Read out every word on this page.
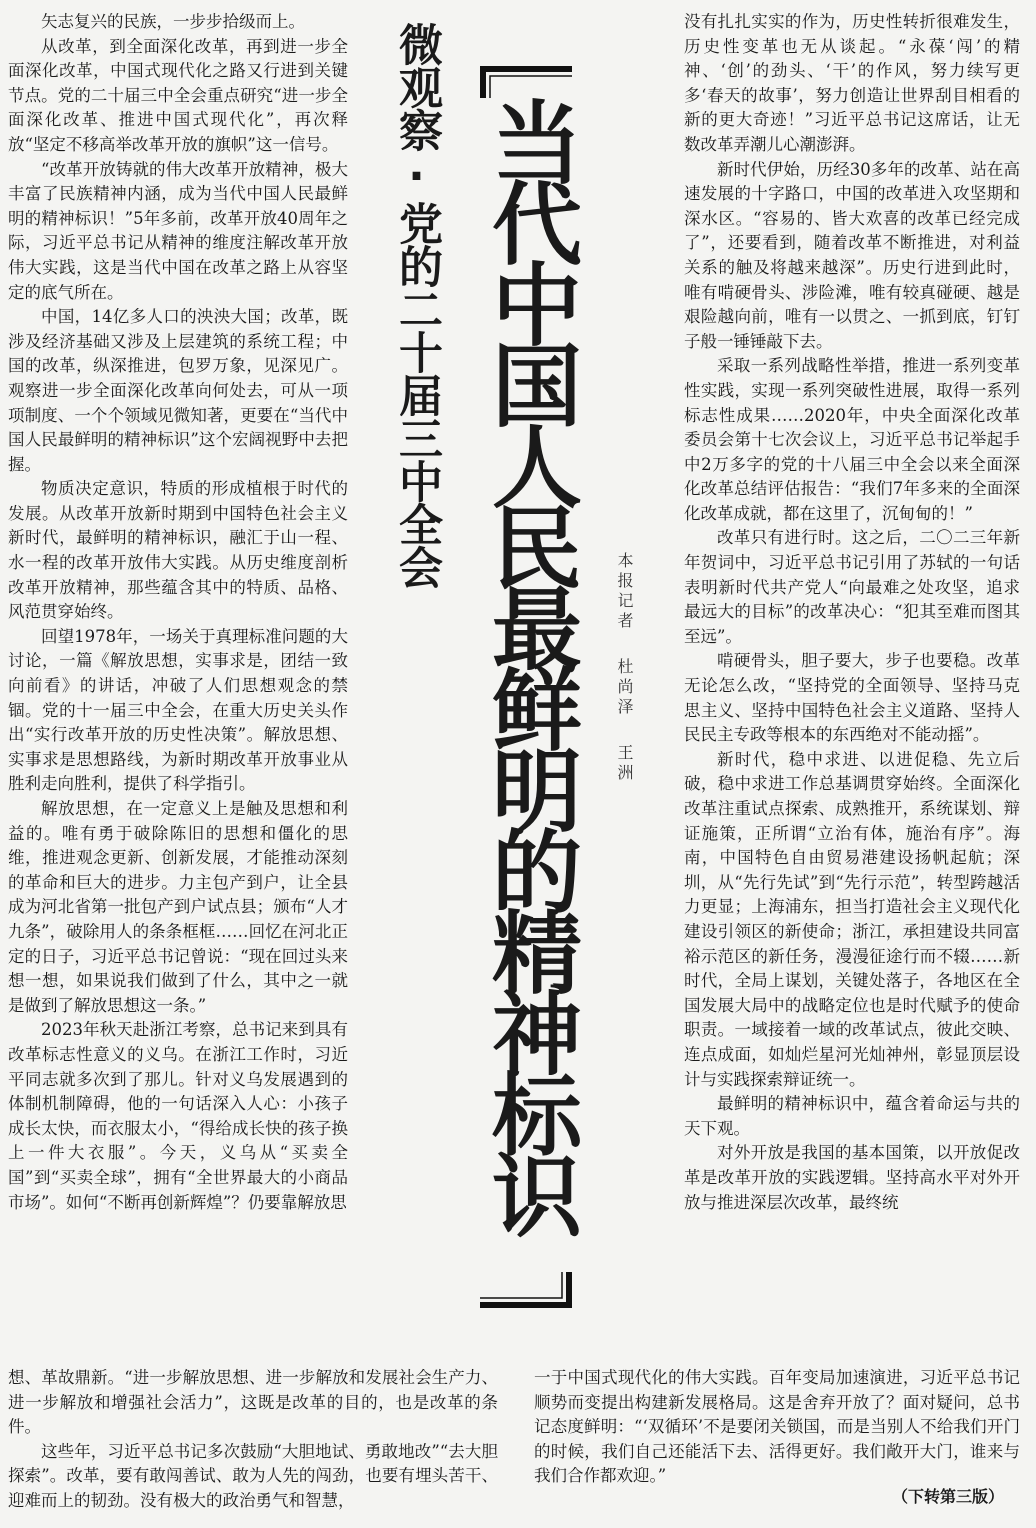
矢志复兴的民族，一步步拾级而上。

从改革，到全面深化改革，再到进一步全面深化改革，中国式现代化之路又行进到关键节点。党的二十届三中全会重点研究“进一步全面深化改革、推进中国式现代化”，再次释放“坚定不移高举改革开放的旗帜”这一信号。

“改革开放铸就的伟大改革开放精神，极大丰富了民族精神内涵，成为当代中国人民最鲜明的精神标识！”5年多前，改革开放40周年之际，习近平总书记从精神的维度注解改革开放伟大实践，这是当代中国在改革之路上从容坚定的底气所在。

中国，14亿多人口的泱泱大国；改革，既涉及经济基础又涉及上层建筑的系统工程；中国的改革，纵深推进，包罗万象，见深见广。观察进一步全面深化改革向何处去，可从一项项制度、一个个领域见微知著，更要在“当代中国人民最鲜明的精神标识”这个宏阔视野中去把握。

物质决定意识，特质的形成植根于时代的发展。从改革开放新时期到中国特色社会主义新时代，最鲜明的精神标识，融汇于山一程、水一程的改革开放伟大实践。从历史维度剖析改革开放精神，那些蕴含其中的特质、品格、风范贯穿始终。

回望1978年，一场关于真理标准问题的大讨论，一篇《解放思想，实事求是，团结一致向前看》的讲话，冲破了人们思想观念的禁锢。党的十一届三中全会，在重大历史关头作出“实行改革开放的历史性决策”。解放思想、实事求是思想路线，为新时期改革开放事业从胜利走向胜利，提供了科学指引。

解放思想，在一定意义上是触及思想和利益的。唯有勇于破除陈旧的思想和僵化的思维，推进观念更新、创新发展，才能推动深刻的革命和巨大的进步。力主包产到户，让全县成为河北省第一批包产到户试点县；颁布“人才九条”，破除用人的条条框框……回忆在河北正定的日子，习近平总书记曾说：“现在回过头来想一想，如果说我们做到了什么，其中之一就是做到了解放思想这一条。”

2023年秋天赴浙江考察，总书记来到具有改革标志性意义的义乌。在浙江工作时，习近平同志就多次到了那儿。针对义乌发展遇到的体制机制障碍，他的一句话深入人心：小孩子成长太快，而衣服太小，“得给成长快的孩子换上一件大衣服”。今天，义乌从“买卖全国”到“买卖全球”，拥有“全世界最大的小商品市场”。如何“不断再创新辉煌”？仍要靠解放思

想、革故鼎新。“进一步解放思想、进一步解放和发展社会生产力、进一步解放和增强社会活力”，这既是改革的目的，也是改革的条件。

这些年，习近平总书记多次鼓励“大胆地试、勇敢地改”“去大胆探索”。改革，要有敢闯善试、敢为人先的闯劲，也要有埋头苦干、迎难而上的韧劲。没有极大的政治勇气和智慧，

微观察·党的二十届三中全会 当代中国人民最鲜明的精神标识 本报记者杜尚泽王洲

没有扎扎实实的作为，历史性转折很难发生，历史性变革也无从谈起。“永葆‘闯’的精神、‘创’的劲头、‘干’的作风，努力续写更多‘春天的故事’，努力创造让世界刮目相看的新的更大奇迹！”习近平总书记这席话，让无数改革弄潮儿心潮澎湃。

新时代伊始，历经30多年的改革、站在高速发展的十字路口，中国的改革进入攻坚期和深水区。“容易的、皆大欢喜的改革已经完成了”，还要看到，随着改革不断推进，对利益关系的触及将越来越深”。历史行进到此时，唯有啃硬骨头、涉险滩，唯有较真碰硬、越是艰险越向前，唯有一以贯之、一抓到底，钉钉子般一锤锤敲下去。

采取一系列战略性举措，推进一系列变革性实践，实现一系列突破性进展，取得一系列标志性成果……2020年，中央全面深化改革委员会第十七次会议上，习近平总书记举起手中2万多字的党的十八届三中全会以来全面深化改革总结评估报告：“我们7年多来的全面深化改革成就，都在这里了，沉甸甸的！”

改革只有进行时。这之后，二〇二三年新年贺词中，习近平总书记引用了苏轼的一句话表明新时代共产党人“向最难之处攻坚，追求最远大的目标”的改革决心：“犯其至难而图其至远”。

啃硬骨头，胆子要大，步子也要稳。改革无论怎么改，“坚持党的全面领导、坚持马克思主义、坚持中国特色社会主义道路、坚持人民民主专政等根本的东西绝对不能动摇”。

新时代，稳中求进、以进促稳、先立后破，稳中求进工作总基调贯穿始终。全面深化改革注重试点探索、成熟推开，系统谋划、辩证施策，正所谓“立治有体，施治有序”。海南，中国特色自由贸易港建设扬帆起航；深圳，从“先行先试”到“先行示范”，转型跨越活力更显；上海浦东，担当打造社会主义现代化建设引领区的新使命；浙江，承担建设共同富裕示范区的新任务，漫漫征途行而不辍……新时代，全局上谋划，关键处落子，各地区在全国发展大局中的战略定位也是时代赋予的使命职责。一域接着一域的改革试点，彼此交映、连点成面，如灿烂星河光灿神州，彰显顶层设计与实践探索辩证统一。

最鲜明的精神标识中，蕴含着命运与共的天下观。

对外开放是我国的基本国策，以开放促改革是改革开放的实践逻辑。坚持高水平对外开放与推进深层次改革，最终统

一于中国式现代化的伟大实践。百年变局加速演进，习近平总书记顺势而变提出构建新发展格局。这是舍弃开放了？面对疑问，总书记态度鲜明：“‘双循环’不是要闭关锁国，而是当别人不给我们开门的时候，我们自己还能活下去、活得更好。我们敞开大门，谁来与我们合作都欢迎。”

（下转第三版）
